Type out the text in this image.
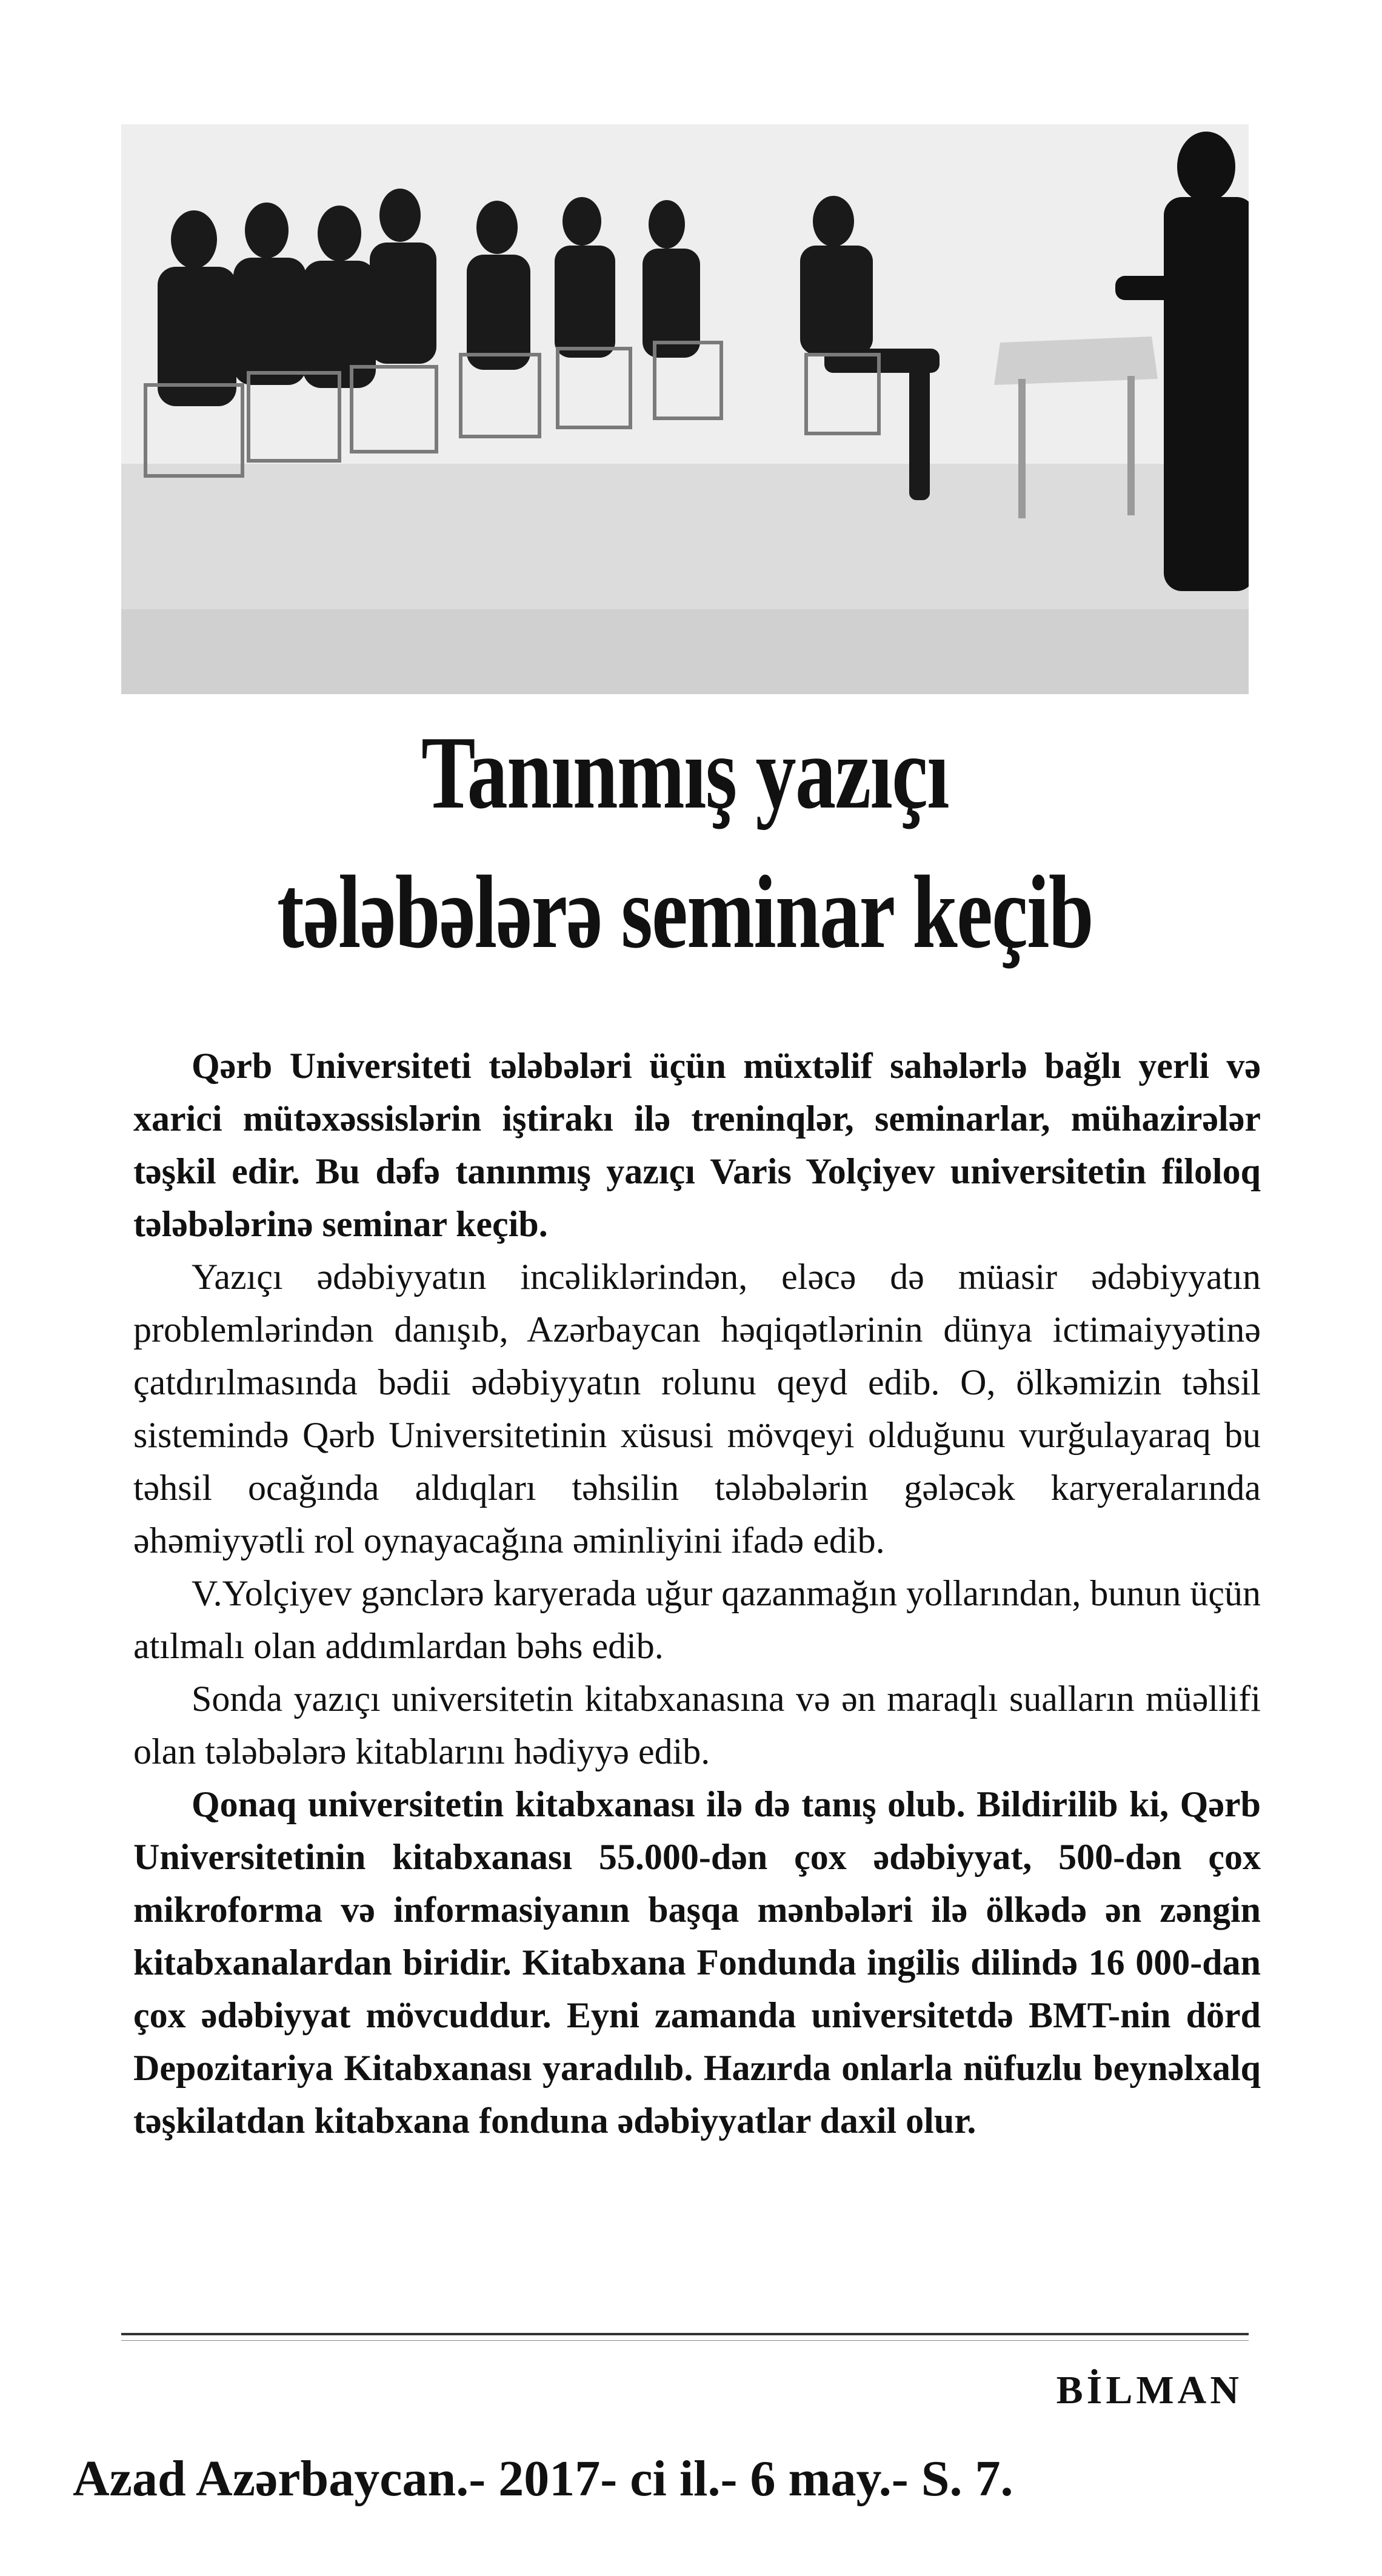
Tanınmış yazıçı
tələbələrə seminar keçib

Qərb Universiteti tələbələri üçün müxtəlif sahələrlə bağlı yerli və xarici mütəxəssislərin iştirakı ilə treninqlər, seminarlar, mühazirələr təşkil edir. Bu dəfə tanınmış yazıçı Varis Yolçiyev universitetin filoloq tələbələrinə seminar keçib.

Yazıçı ədəbiyyatın incəliklərindən, eləcə də müasir ədəbiyyatın problemlərindən danışıb, Azərbaycan həqiqətlərinin dünya ictimaiyyətinə çatdırılmasında bədii ədəbiyyatın rolunu qeyd edib. O, ölkəmizin təhsil sistemində Qərb Universitetinin xüsusi mövqeyi olduğunu vurğulayaraq bu təhsil ocağında aldıqları təhsilin tələbələrin gələcək karyeralarında əhəmiyyətli rol oynayacağına əminliyini ifadə edib.

V.Yolçiyev gənclərə karyerada uğur qazanmağın yollarından, bunun üçün atılmalı olan addımlardan bəhs edib.

Sonda yazıçı universitetin kitabxanasına və ən maraqlı sualların müəllifi olan tələbələrə kitablarını hədiyyə edib.

Qonaq universitetin kitabxanası ilə də tanış olub. Bildirilib ki, Qərb Universitetinin kitabxanası 55.000-dən çox ədəbiyyat, 500-dən çox mikroforma və informasiyanın başqa mənbələri ilə ölkədə ən zəngin kitabxanalardan biridir. Kitabxana Fondunda ingilis dilində 16 000-dan çox ədəbiyyat mövcuddur. Eyni zamanda universitetdə BMT-nin dörd Depozitariya Kitabxanası yaradılıb. Hazırda onlarla nüfuzlu beynəlxalq təşkilatdan kitabxana fonduna ədəbiyyatlar daxil olur.

BİLMAN
Azad Azərbaycan.- 2017- ci il.- 6 may.- S. 7.
